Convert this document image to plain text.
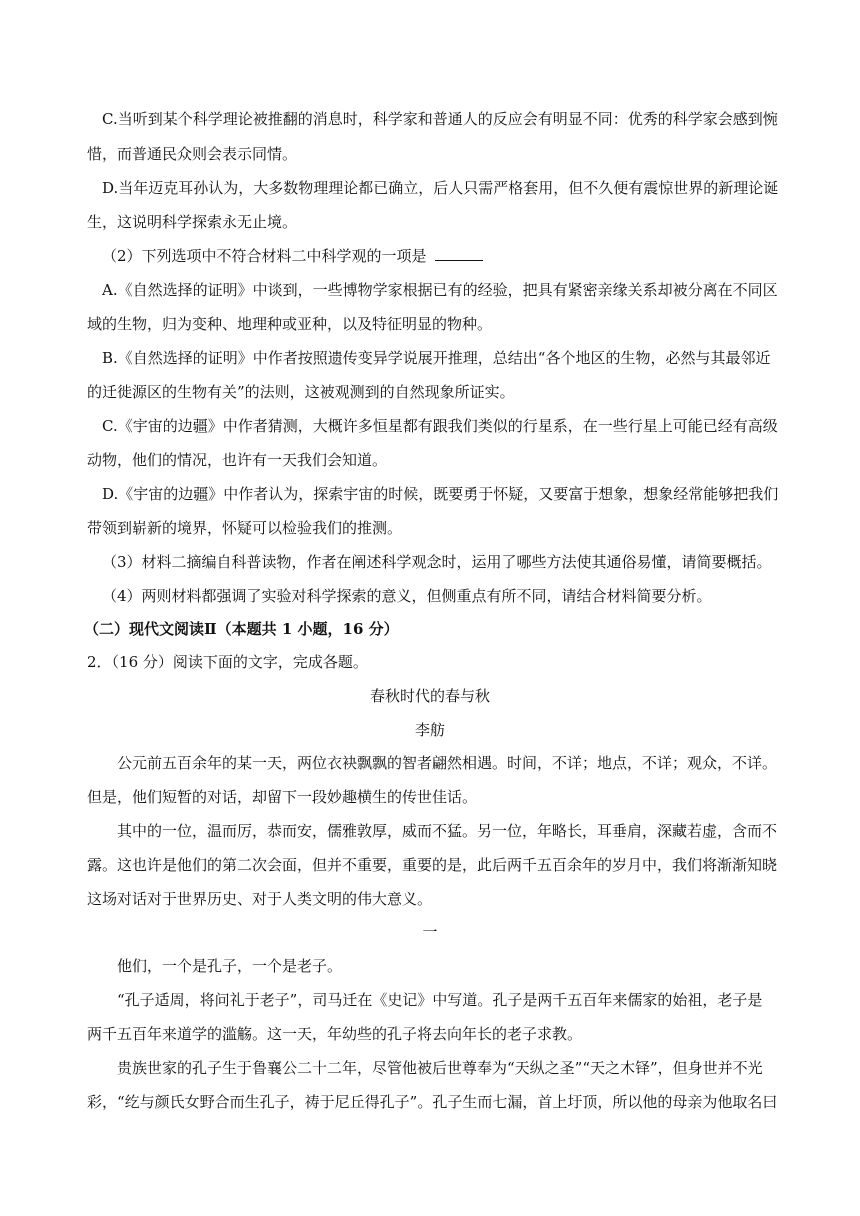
C.当听到某个科学理论被推翻的消息时，科学家和普通人的反应会有明显不同：优秀的科学家会感到惋

惜，而普通民众则会表示同情。

D.当年迈克耳孙认为，大多数物理理论都已确立，后人只需严格套用，但不久便有震惊世界的新理论诞

生，这说明科学探索永无止境。

（2）下列选项中不符合材料二中科学观的一项是

A.《自然选择的证明》中谈到，一些博物学家根据已有的经验，把具有紧密亲缘关系却被分离在不同区

域的生物，归为变种、地理种或亚种，以及特征明显的物种。

B.《自然选择的证明》中作者按照遗传变异学说展开推理，总结出“各个地区的生物，必然与其最邻近

的迁徙源区的生物有关”的法则，这被观测到的自然现象所证实。

C.《宇宙的边疆》中作者猜测，大概许多恒星都有跟我们类似的行星系，在一些行星上可能已经有高级

动物，他们的情况，也许有一天我们会知道。

D.《宇宙的边疆》中作者认为，探索宇宙的时候，既要勇于怀疑，又要富于想象，想象经常能够把我们

带领到崭新的境界，怀疑可以检验我们的推测。

（3）材料二摘编自科普读物，作者在阐述科学观念时，运用了哪些方法使其通俗易懂，请简要概括。

（4）两则材料都强调了实验对科学探索的意义，但侧重点有所不同，请结合材料简要分析。

（二）现代文阅读Ⅱ（本题共 1 小题，16 分）

2．（16 分）阅读下面的文字，完成各题。

春秋时代的春与秋

李舫

公元前五百余年的某一天，两位衣袂飘飘的智者翩然相遇。时间，不详；地点，不详；观众，不详。

但是，他们短暂的对话，却留下一段妙趣横生的传世佳话。

其中的一位，温而厉，恭而安，儒雅敦厚，威而不猛。另一位，年略长，耳垂肩，深藏若虚，含而不

露。这也许是他们的第二次会面，但并不重要，重要的是，此后两千五百余年的岁月中，我们将渐渐知晓

这场对话对于世界历史、对于人类文明的伟大意义。

一

他们，一个是孔子，一个是老子。

“孔子适周，将问礼于老子”，司马迁在《史记》中写道。孔子是两千五百年来儒家的始祖，老子是

两千五百年来道学的滥觞。这一天，年幼些的孔子将去向年长的老子求教。

贵族世家的孔子生于鲁襄公二十二年，尽管他被后世尊奉为“天纵之圣”“天之木铎”，但身世并不光

彩，“纥与颜氏女野合而生孔子，祷于尼丘得孔子”。孔子生而七漏，首上圩顶，所以他的母亲为他取名曰
